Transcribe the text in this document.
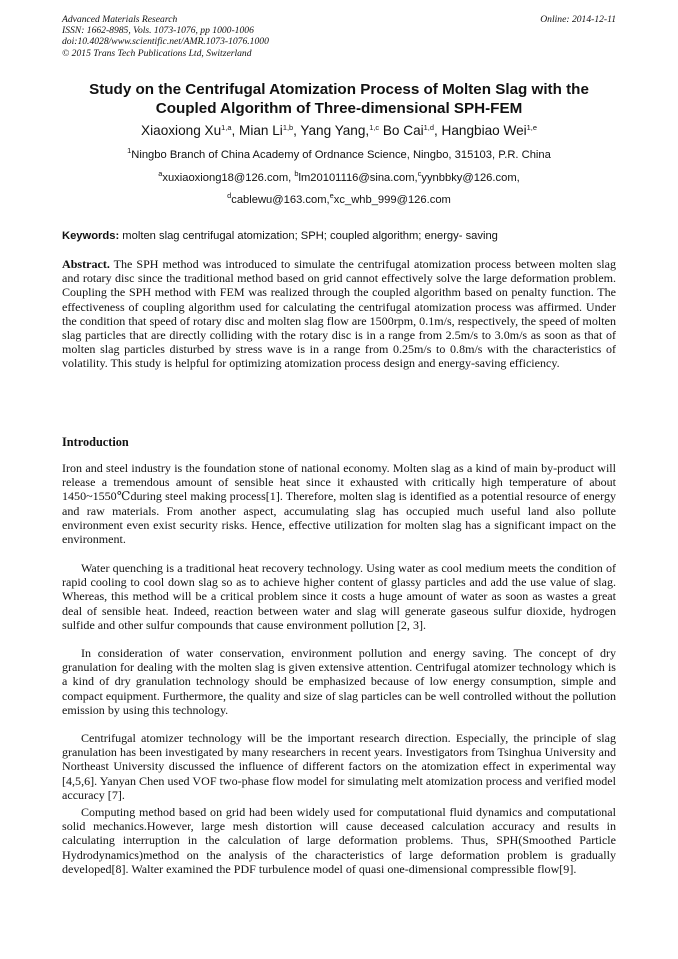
Advanced Materials Research
ISSN: 1662-8985, Vols. 1073-1076, pp 1000-1006
doi:10.4028/www.scientific.net/AMR.1073-1076.1000
© 2015 Trans Tech Publications Ltd, Switzerland
Online: 2014-12-11
Study on the Centrifugal Atomization Process of Molten Slag with the
Coupled Algorithm of Three-dimensional SPH-FEM
Xiaoxiong Xu$^{1,a}$, Mian Li$^{1,b}$, Yang Yang,$^{1,c}$ Bo Cai$^{1,d}$, Hangbiao Wei$^{1,e}$
$^1$Ningbo Branch of China Academy of Ordnance Science, Ningbo, 315103, P.R. China
$^a$xuxiaoxiong18@126.com, $^b$lm20101116@sina.com,$^c$yynbbky@126.com,
$^d$cablewu@163.com,$^e$xc_whb_999@126.com
Keywords: molten slag centrifugal atomization; SPH; coupled algorithm; energy- saving
Abstract. The SPH method was introduced to simulate the centrifugal atomization process between molten slag and rotary disc since the traditional method based on grid cannot effectively solve the large deformation problem. Coupling the SPH method with FEM was realized through the coupled algorithm based on penalty function. The effectiveness of coupling algorithm used for calculating the centrifugal atomization process was affirmed. Under the condition that speed of rotary disc and molten slag flow are 1500rpm, 0.1m/s, respectively, the speed of molten slag particles that are directly colliding with the rotary disc is in a range from 2.5m/s to 3.0m/s as soon as that of molten slag particles disturbed by stress wave is in a range from 0.25m/s to 0.8m/s with the characteristics of volatility. This study is helpful for optimizing atomization process design and energy-saving efficiency.
Introduction
Iron and steel industry is the foundation stone of national economy. Molten slag as a kind of main by-product will release a tremendous amount of sensible heat since it exhausted with critically high temperature of about 1450~1550℃during steel making process[1]. Therefore, molten slag is identified as a potential resource of energy and raw materials. From another aspect, accumulating slag has occupied much useful land also pollute environment even exist security risks. Hence, effective utilization for molten slag has a significant impact on the environment.
Water quenching is a traditional heat recovery technology. Using water as cool medium meets the condition of rapid cooling to cool down slag so as to achieve higher content of glassy particles and add the use value of slag. Whereas, this method will be a critical problem since it costs a huge amount of water as soon as wastes a great deal of sensible heat. Indeed, reaction between water and slag will generate gaseous sulfur dioxide, hydrogen sulfide and other sulfur compounds that cause environment pollution [2, 3].
In consideration of water conservation, environment pollution and energy saving. The concept of dry granulation for dealing with the molten slag is given extensive attention. Centrifugal atomizer technology which is a kind of dry granulation technology should be emphasized because of low energy consumption, simple and compact equipment. Furthermore, the quality and size of slag particles can be well controlled without the pollution emission by using this technology.
Centrifugal atomizer technology will be the important research direction. Especially, the principle of slag granulation has been investigated by many researchers in recent years. Investigators from Tsinghua University and Northeast University discussed the influence of different factors on the atomization effect in experimental way [4,5,6]. Yanyan Chen used VOF two-phase flow model for simulating melt atomization process and verified model accuracy [7].
Computing method based on grid had been widely used for computational fluid dynamics and computational solid mechanics.However, large mesh distortion will cause deceased calculation accuracy and results in calculating interruption in the calculation of large deformation problems. Thus, SPH(Smoothed Particle Hydrodynamics)method on the analysis of the characteristics of large deformation problem is gradually developed[8]. Walter examined the PDF turbulence model of quasi one-dimensional compressible flow[9].
